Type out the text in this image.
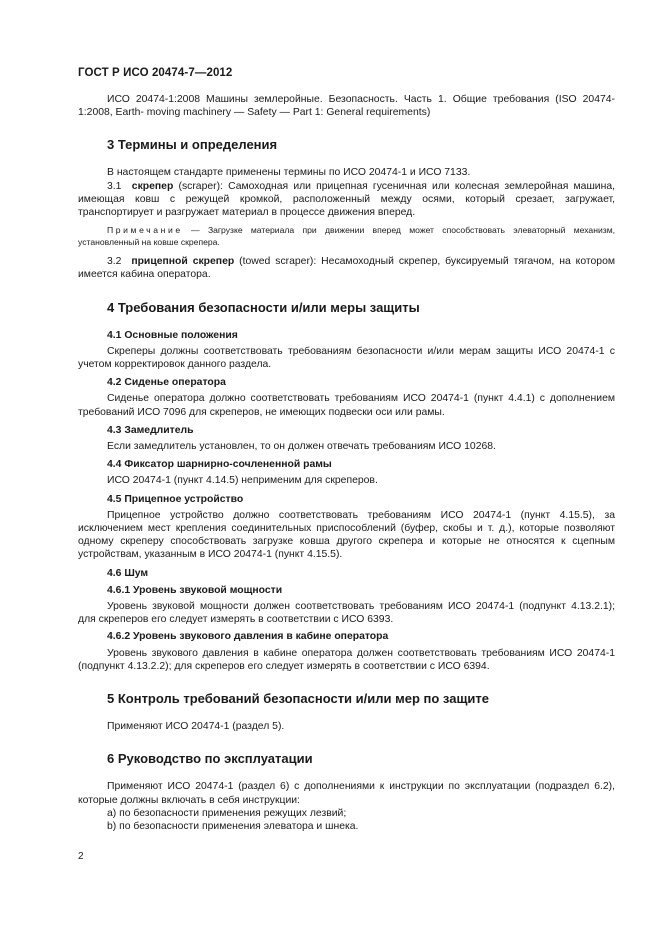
ГОСТ Р ИСО 20474-7—2012

ИСО 20474-1:2008 Машины землеройные. Безопасность. Часть 1. Общие требования (ISO 20474-1:2008, Earth- moving machinery — Safety — Part 1: General requirements)

3 Термины и определения

В настоящем стандарте применены термины по ИСО 20474-1 и ИСО 7133.

3.1 скрепер (scraper): Самоходная или прицепная гусеничная или колесная землеройная машина, имеющая ковш с режущей кромкой, расположенный между осями, который срезает, загружает, транспортирует и разгружает материал в процессе движения вперед.

Примечание — Загрузке материала при движении вперед может способствовать элеваторный механизм, установленный на ковше скрепера.

3.2 прицепной скрепер (towed scraper): Несамоходный скрепер, буксируемый тягачом, на котором имеется кабина оператора.

4 Требования безопасности и/или меры защиты
4.1 Основные положения

Скреперы должны соответствовать требованиям безопасности и/или мерам защиты ИСО 20474-1 с учетом корректировок данного раздела.

4.2 Сиденье оператора

Сиденье оператора должно соответствовать требованиям ИСО 20474-1 (пункт 4.4.1) с дополнением требований ИСО 7096 для скреперов, не имеющих подвески оси или рамы.

4.3 Замедлитель

Если замедлитель установлен, то он должен отвечать требованиям ИСО 10268.

4.4 Фиксатор шарнирно-сочлененной рамы

ИСО 20474-1 (пункт 4.14.5) неприменим для скреперов.

4.5 Прицепное устройство

Прицепное устройство должно соответствовать требованиям ИСО 20474-1 (пункт 4.15.5), за исключением мест крепления соединительных приспособлений (буфер, скобы и т. д.), которые позволяют одному скреперу способствовать загрузке ковша другого скрепера и которые не относятся к сцепным устройствам, указанным в ИСО 20474-1 (пункт 4.15.5).

4.6 Шум
4.6.1 Уровень звуковой мощности

Уровень звуковой мощности должен соответствовать требованиям ИСО 20474-1 (подпункт 4.13.2.1); для скреперов его следует измерять в соответствии с ИСО 6393.

4.6.2 Уровень звукового давления в кабине оператора

Уровень звукового давления в кабине оператора должен соответствовать требованиям ИСО 20474-1 (подпункт 4.13.2.2); для скреперов его следует измерять в соответствии с ИСО 6394.

5 Контроль требований безопасности и/или мер по защите

Применяют ИСО 20474-1 (раздел 5).

6 Руководство по эксплуатации

Применяют ИСО 20474-1 (раздел 6) с дополнениями к инструкции по эксплуатации (подраздел 6.2), которые должны включать в себя инструкции:

a) по безопасности применения режущих лезвий;

b) по безопасности применения элеватора и шнека.

2
